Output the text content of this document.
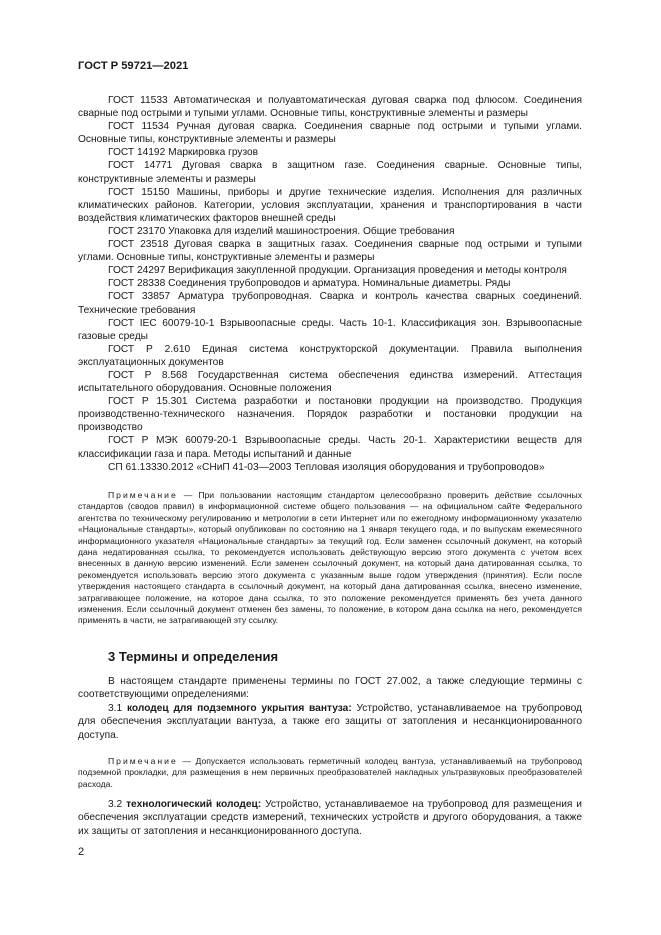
ГОСТ Р 59721—2021
ГОСТ 11533 Автоматическая и полуавтоматическая дуговая сварка под флюсом. Соединения сварные под острыми и тупыми углами. Основные типы, конструктивные элементы и размеры
ГОСТ 11534 Ручная дуговая сварка. Соединения сварные под острыми и тупыми углами. Основные типы, конструктивные элементы и размеры
ГОСТ 14192 Маркировка грузов
ГОСТ 14771 Дуговая сварка в защитном газе. Соединения сварные. Основные типы, конструктивные элементы и размеры
ГОСТ 15150 Машины, приборы и другие технические изделия. Исполнения для различных климатических районов. Категории, условия эксплуатации, хранения и транспортирования в части воздействия климатических факторов внешней среды
ГОСТ 23170 Упаковка для изделий машиностроения. Общие требования
ГОСТ 23518 Дуговая сварка в защитных газах. Соединения сварные под острыми и тупыми углами. Основные типы, конструктивные элементы и размеры
ГОСТ 24297 Верификация закупленной продукции. Организация проведения и методы контроля
ГОСТ 28338 Соединения трубопроводов и арматура. Номинальные диаметры. Ряды
ГОСТ 33857 Арматура трубопроводная. Сварка и контроль качества сварных соединений. Технические требования
ГОСТ IEC 60079-10-1 Взрывоопасные среды. Часть 10-1. Классификация зон. Взрывоопасные газовые среды
ГОСТ Р 2.610 Единая система конструкторской документации. Правила выполнения эксплуатационных документов
ГОСТ Р 8.568 Государственная система обеспечения единства измерений. Аттестация испытательного оборудования. Основные положения
ГОСТ Р 15.301 Система разработки и постановки продукции на производство. Продукция производственно-технического назначения. Порядок разработки и постановки продукции на производство
ГОСТ Р МЭК 60079-20-1 Взрывоопасные среды. Часть 20-1. Характеристики веществ для классификации газа и пара. Методы испытаний и данные
СП 61.13330.2012 «СНиП 41-03—2003 Тепловая изоляция оборудования и трубопроводов»
Примечание — При пользовании настоящим стандартом целесообразно проверить действие ссылочных стандартов (сводов правил) в информационной системе общего пользования — на официальном сайте Федерального агентства по техническому регулированию и метрологии в сети Интернет или по ежегодному информационному указателю «Национальные стандарты», который опубликован по состоянию на 1 января текущего года, и по выпускам ежемесячного информационного указателя «Национальные стандарты» за текущий год. Если заменен ссылочный документ, на который дана недатированная ссылка, то рекомендуется использовать действующую версию этого документа с учетом всех внесенных в данную версию изменений. Если заменен ссылочный документ, на который дана датированная ссылка, то рекомендуется использовать версию этого документа с указанным выше годом утверждения (принятия). Если после утверждения настоящего стандарта в ссылочный документ, на который дана датированная ссылка, внесено изменение, затрагивающее положение, на которое дана ссылка, то это положение рекомендуется применять без учета данного изменения. Если ссылочный документ отменен без замены, то положение, в котором дана ссылка на него, рекомендуется применять в части, не затрагивающей эту ссылку.
3 Термины и определения
В настоящем стандарте применены термины по ГОСТ 27.002, а также следующие термины с соответствующими определениями:
3.1 колодец для подземного укрытия вантуза: Устройство, устанавливаемое на трубопровод для обеспечения эксплуатации вантуза, а также его защиты от затопления и несанкционированного доступа.
Примечание — Допускается использовать герметичный колодец вантуза, устанавливаемый на трубопровод подземной прокладки, для размещения в нем первичных преобразователей накладных ультразвуковых преобразователей расхода.
3.2 технологический колодец: Устройство, устанавливаемое на трубопровод для размещения и обеспечения эксплуатации средств измерений, технических устройств и другого оборудования, а также их защиты от затопления и несанкционированного доступа.
2
